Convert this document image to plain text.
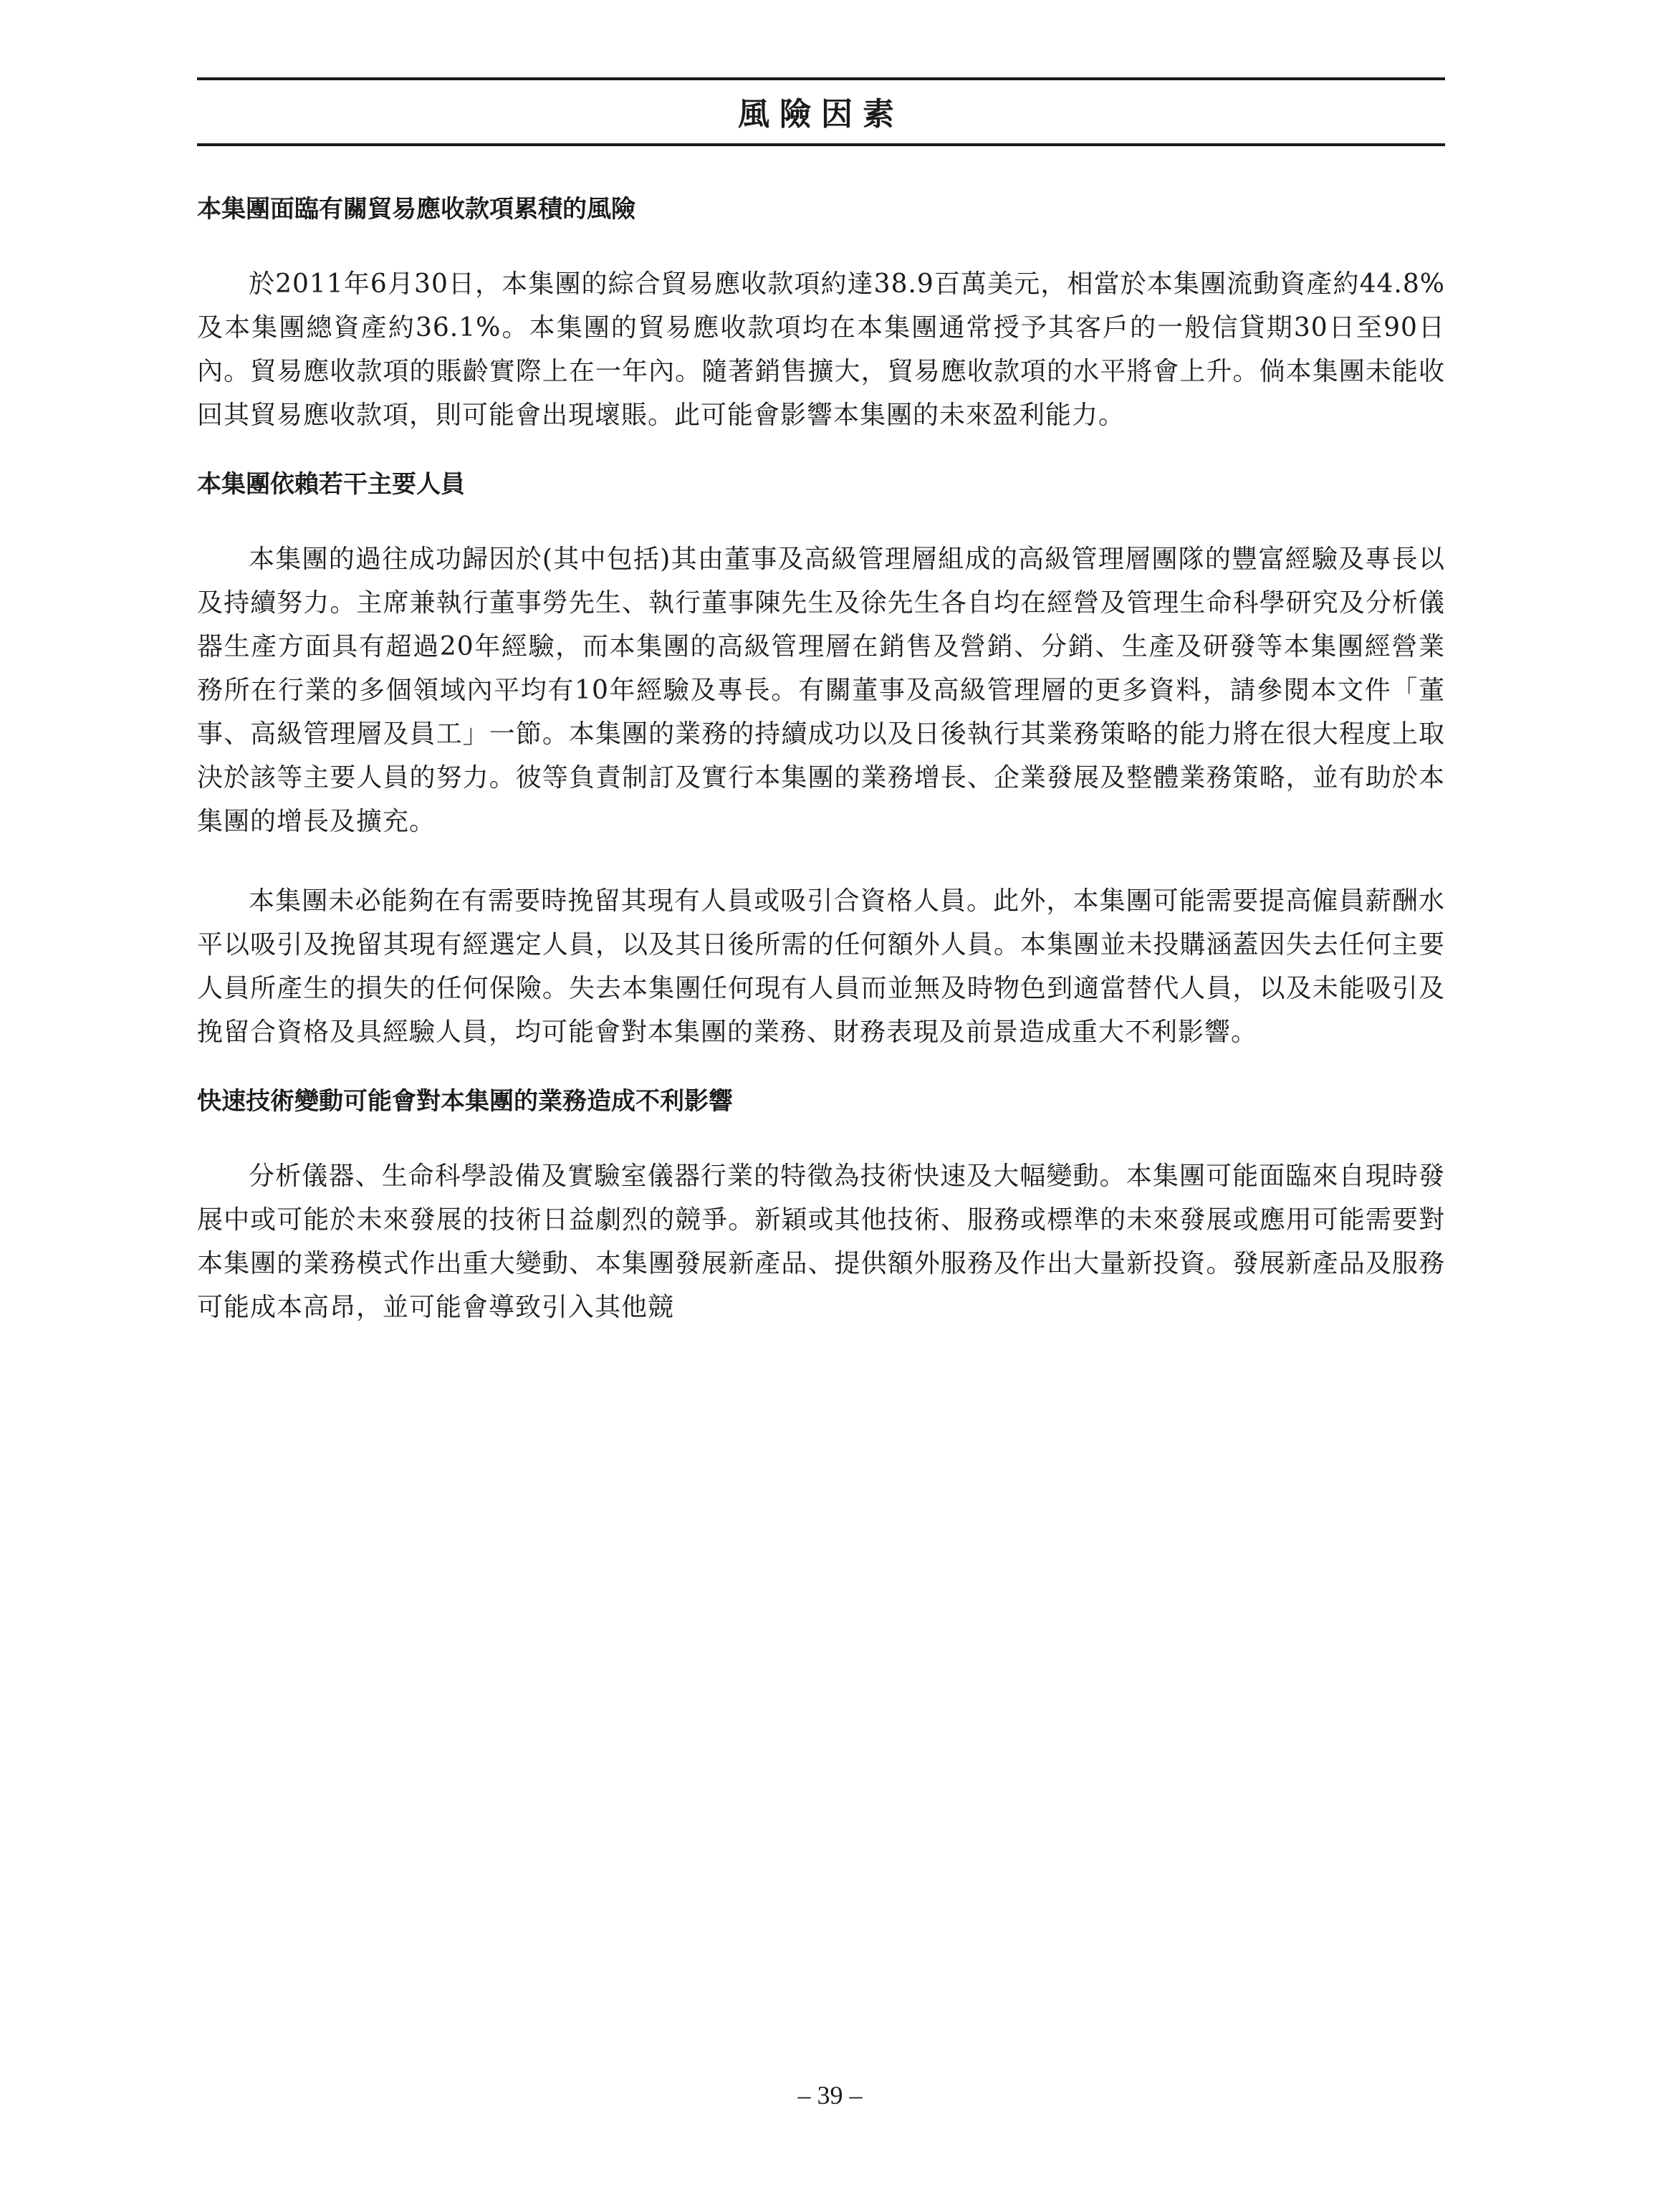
風險因素
本集團面臨有關貿易應收款項累積的風險

於2011年6月30日，本集團的綜合貿易應收款項約達38.9百萬美元，相當於本集團流動資產約44.8%及本集團總資產約36.1%。本集團的貿易應收款項均在本集團通常授予其客戶的一般信貸期30日至90日內。貿易應收款項的賬齡實際上在一年內。隨著銷售擴大，貿易應收款項的水平將會上升。倘本集團未能收回其貿易應收款項，則可能會出現壞賬。此可能會影響本集團的未來盈利能力。

本集團依賴若干主要人員

本集團的過往成功歸因於(其中包括)其由董事及高級管理層組成的高級管理層團隊的豐富經驗及專長以及持續努力。主席兼執行董事勞先生、執行董事陳先生及徐先生各自均在經營及管理生命科學研究及分析儀器生產方面具有超過20年經驗，而本集團的高級管理層在銷售及營銷、分銷、生產及研發等本集團經營業務所在行業的多個領域內平均有10年經驗及專長。有關董事及高級管理層的更多資料，請參閱本文件「董事、高級管理層及員工」一節。本集團的業務的持續成功以及日後執行其業務策略的能力將在很大程度上取決於該等主要人員的努力。彼等負責制訂及實行本集團的業務增長、企業發展及整體業務策略，並有助於本集團的增長及擴充。

本集團未必能夠在有需要時挽留其現有人員或吸引合資格人員。此外，本集團可能需要提高僱員薪酬水平以吸引及挽留其現有經選定人員，以及其日後所需的任何額外人員。本集團並未投購涵蓋因失去任何主要人員所產生的損失的任何保險。失去本集團任何現有人員而並無及時物色到適當替代人員，以及未能吸引及挽留合資格及具經驗人員，均可能會對本集團的業務、財務表現及前景造成重大不利影響。

快速技術變動可能會對本集團的業務造成不利影響

分析儀器、生命科學設備及實驗室儀器行業的特徵為技術快速及大幅變動。本集團可能面臨來自現時發展中或可能於未來發展的技術日益劇烈的競爭。新穎或其他技術、服務或標準的未來發展或應用可能需要對本集團的業務模式作出重大變動、本集團發展新產品、提供額外服務及作出大量新投資。發展新產品及服務可能成本高昂，並可能會導致引入其他競

– 39 –
